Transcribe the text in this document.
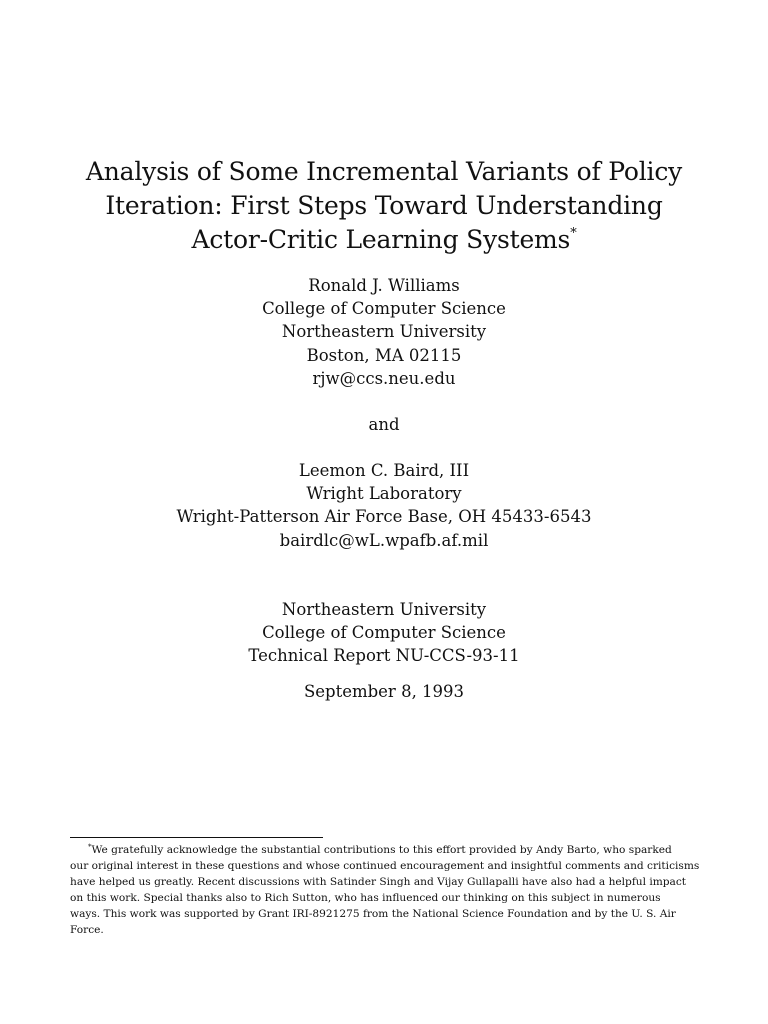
Analysis of Some Incremental Variants of Policy
Iteration: First Steps Toward Understanding
Actor-Critic Learning Systems*
Ronald J. Williams
College of Computer Science
Northeastern University
Boston, MA 02115
rjw@ccs.neu.edu
and
Leemon C. Baird, III
Wright Laboratory
Wright-Patterson Air Force Base, OH 45433-6543
bairdlc@wL.wpafb.af.mil
Northeastern University
College of Computer Science
Technical Report NU-CCS-93-11
September 8, 1993
*We gratefully acknowledge the substantial contributions to this effort provided by Andy Barto, who sparked
our original interest in these questions and whose continued encouragement and insightful comments and criticisms
have helped us greatly. Recent discussions with Satinder Singh and Vijay Gullapalli have also had a helpful impact
on this work. Special thanks also to Rich Sutton, who has influenced our thinking on this subject in numerous
ways. This work was supported by Grant IRI-8921275 from the National Science Foundation and by the U. S. Air
Force.
